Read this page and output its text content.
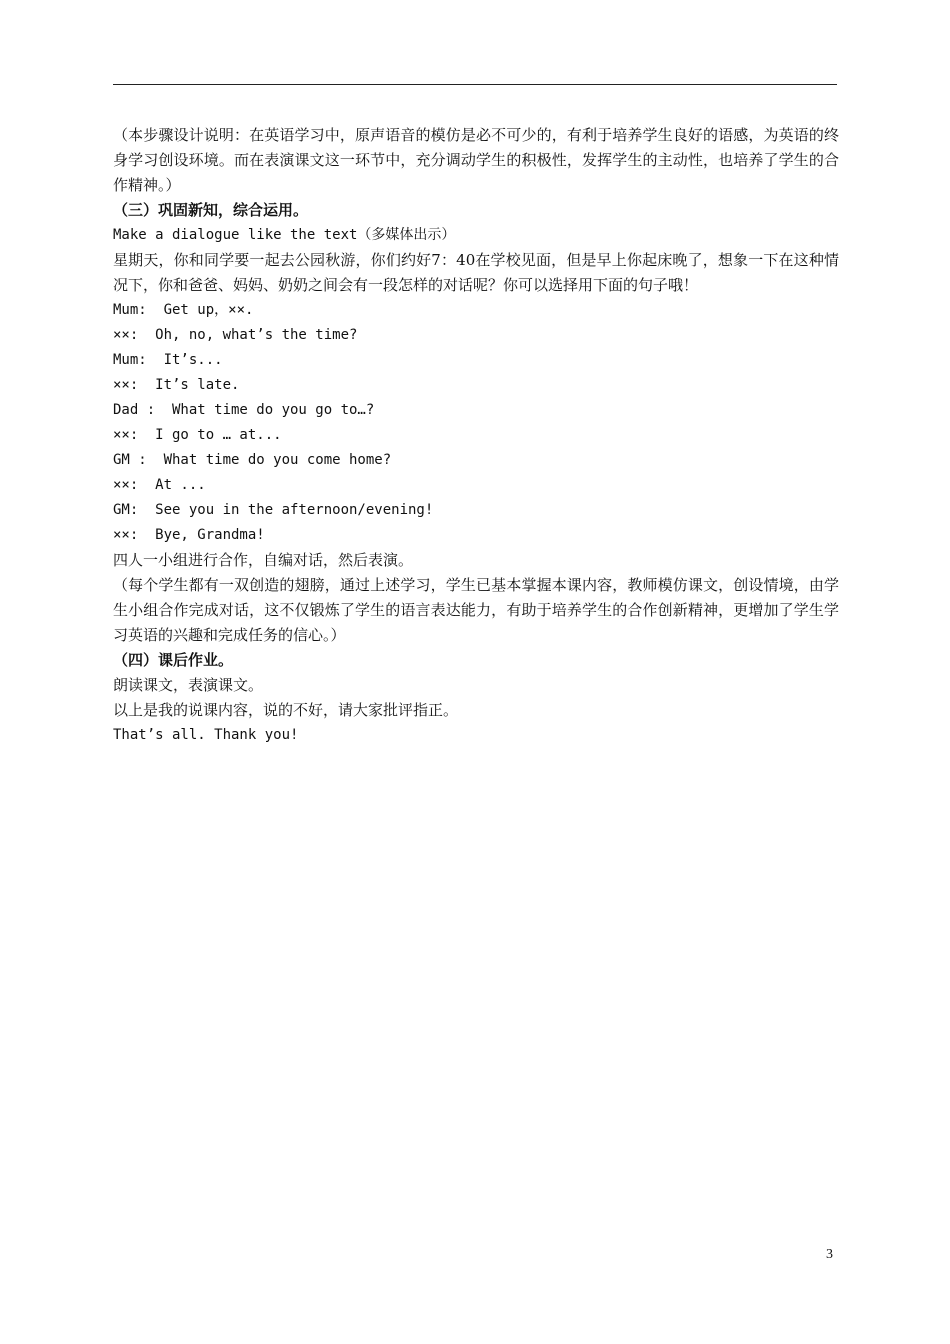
（本步骤设计说明：在英语学习中，原声语音的模仿是必不可少的，有利于培养学生良好的语感，为英语的终身学习创设环境。而在表演课文这一环节中，充分调动学生的积极性，发挥学生的主动性，也培养了学生的合作精神。）

（三）巩固新知，综合运用。

Make a dialogue like the text（多媒体出示）

星期天，你和同学要一起去公园秋游，你们约好7：40在学校见面，但是早上你起床晚了，想象一下在这种情况下，你和爸爸、妈妈、奶奶之间会有一段怎样的对话呢？你可以选择用下面的句子哦！

Mum:  Get up，××.

××:  Oh, no, what’s the time?

Mum:  It’s...

××:  It’s late.

Dad :  What time do you go to…?

××:  I go to … at...

GM :  What time do you come home?

××:  At ...

GM:  See you in the afternoon/evening!

××:  Bye, Grandma!

四人一小组进行合作，自编对话，然后表演。

（每个学生都有一双创造的翅膀，通过上述学习，学生已基本掌握本课内容，教师模仿课文，创设情境，由学生小组合作完成对话，这不仅锻炼了学生的语言表达能力，有助于培养学生的合作创新精神，更增加了学生学习英语的兴趣和完成任务的信心。）

（四）课后作业。

朗读课文，表演课文。

以上是我的说课内容，说的不好，请大家批评指正。

That’s all. Thank you!

3
